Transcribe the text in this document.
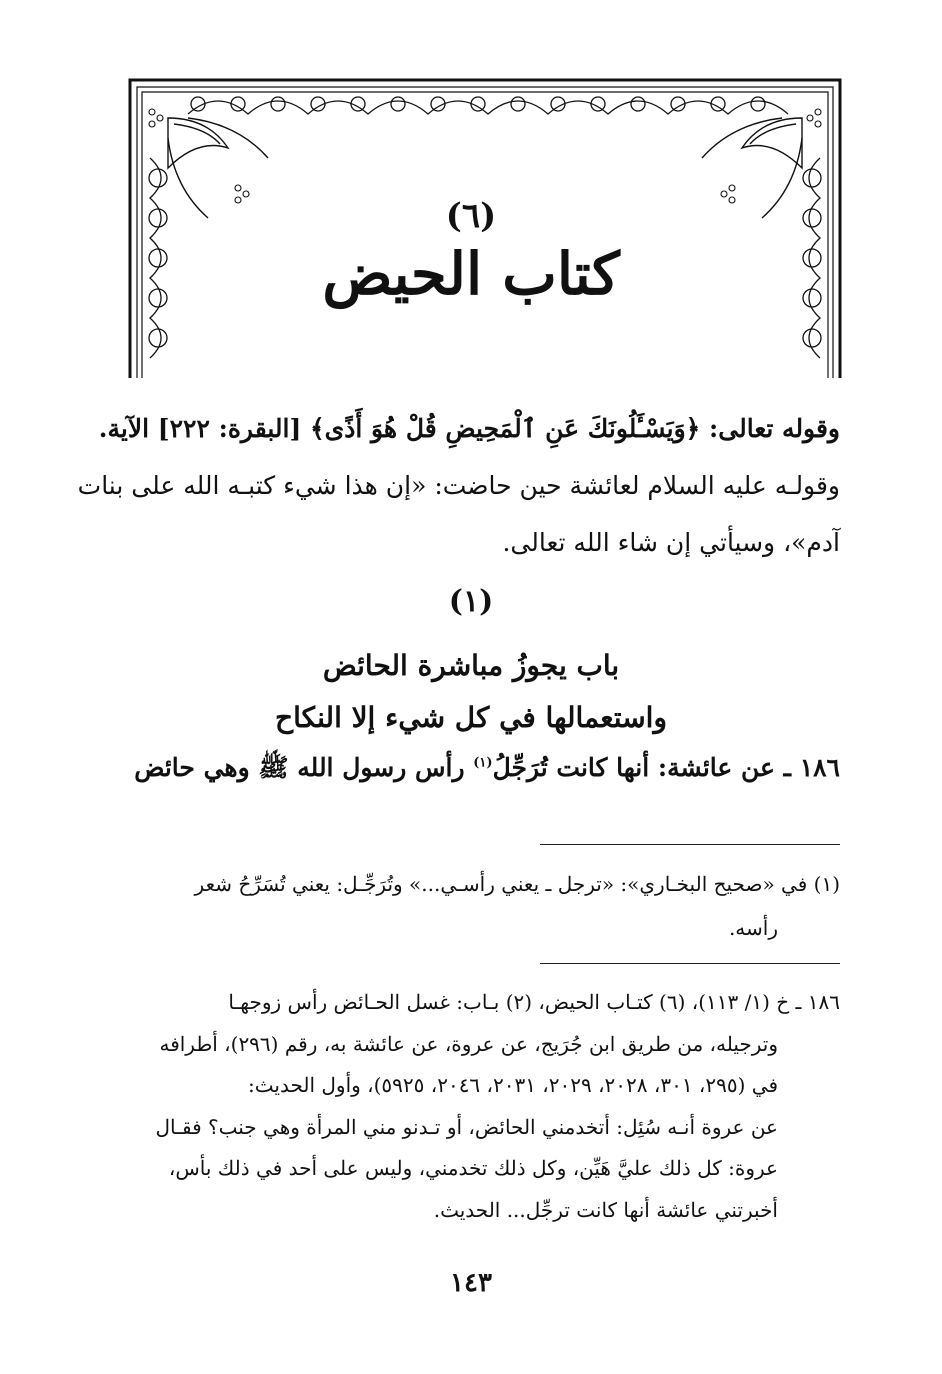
(٦)
كتاب الحيض
وقوله تعالى: ﴿وَيَسْـَٔلُونَكَ عَنِ ٱلْمَحِيضِ قُلْ هُوَ أَذًى﴾ [البقرة: ٢٢٢] الآية.
وقولـه عليه السلام لعائشة حين حاضت: «إن هذا شيء كتبـه الله على بنات
آدم»، وسيأتي إن شاء الله تعالى.
(١)
باب يجوزُ مباشرة الحائض
واستعمالها في كل شيء إلا النكاح
١٨٦ ـ عن عائشة: أنها كانت تُرَجِّلُ$^{(١)}$ رأس رسول الله ﷺ وهي حائض
(١) في «صحيح البخـاري»: «ترجل ـ يعني رأسـي...» وتُرَجِّـل: يعني تُسَرِّحُ شعر
رأسه.
١٨٦ ـ خ (١/ ١١٣)، (٦) كتـاب الحيض، (٢) بـاب: غسل الحـائض رأس زوجهـا
وترجيله، من طريق ابن جُرَيج، عن عروة، عن عائشة به، رقم (٢٩٦)، أطرافه
في (٢٩٥، ٣٠١، ٢٠٢٨، ٢٠٢٩، ٢٠٣١، ٢٠٤٦، ٥٩٢٥)، وأول الحديث:
عن عروة أنـه سُئِل: أتخدمني الحائض، أو تـدنو مني المرأة وهي جنب؟ فقـال
عروة: كل ذلك عليَّ هَيِّن، وكل ذلك تخدمني، وليس على أحد في ذلك بأس،
أخبرتني عائشة أنها كانت ترجِّل... الحديث.
١٤٣
